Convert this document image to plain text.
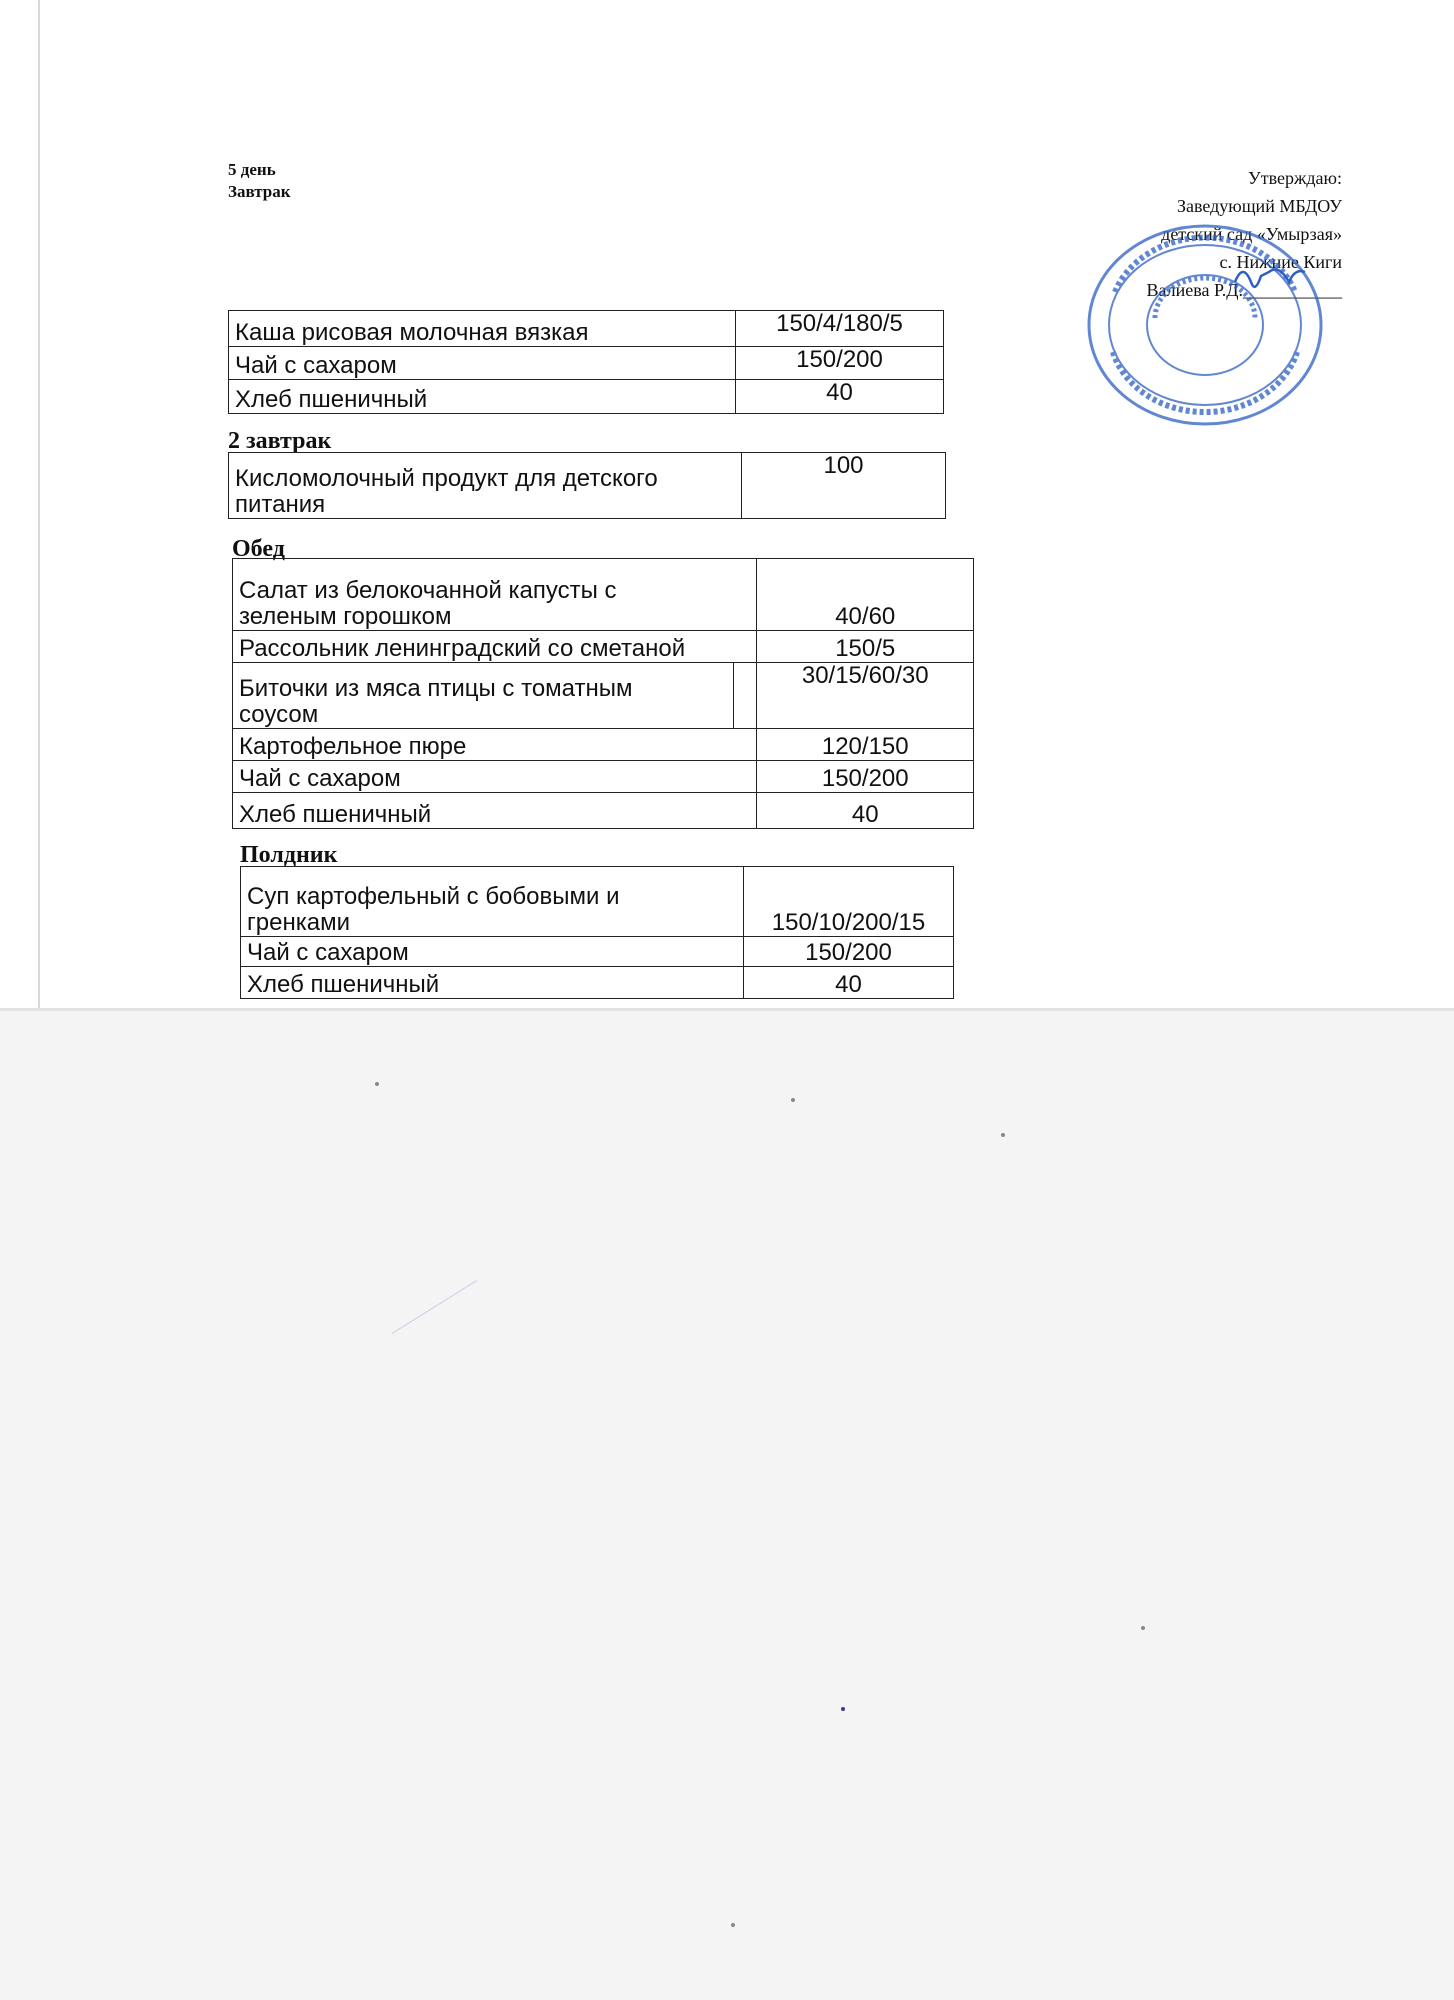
5 день
Завтрак
Утверждаю:
Заведующий МБДОУ
детский сад «Умырзая»
с. Нижние Киги
Валиева Р.Д.___________
Каша рисовая молочная вязкая	150/4/180/5
Чай с сахаром	150/200
Хлеб пшеничный	40
2 завтрак
Кисломолочный продукт для детского
питания
	100
Обед
Салат из белокочанной капусты с
зеленым горошком		40/60
Рассольник ленинградский со сметаной		150/5

Биточки из мяса птицы с томатным
соусом		30/15/60/30
Картофельное пюре		120/150
Чай с сахаром		150/200
Хлеб пшеничный		40
Полдник
Суп картофельный с бобовыми и
гренками	150/10/200/15
Чай с сахаром	150/200
Хлеб пшеничный	40
